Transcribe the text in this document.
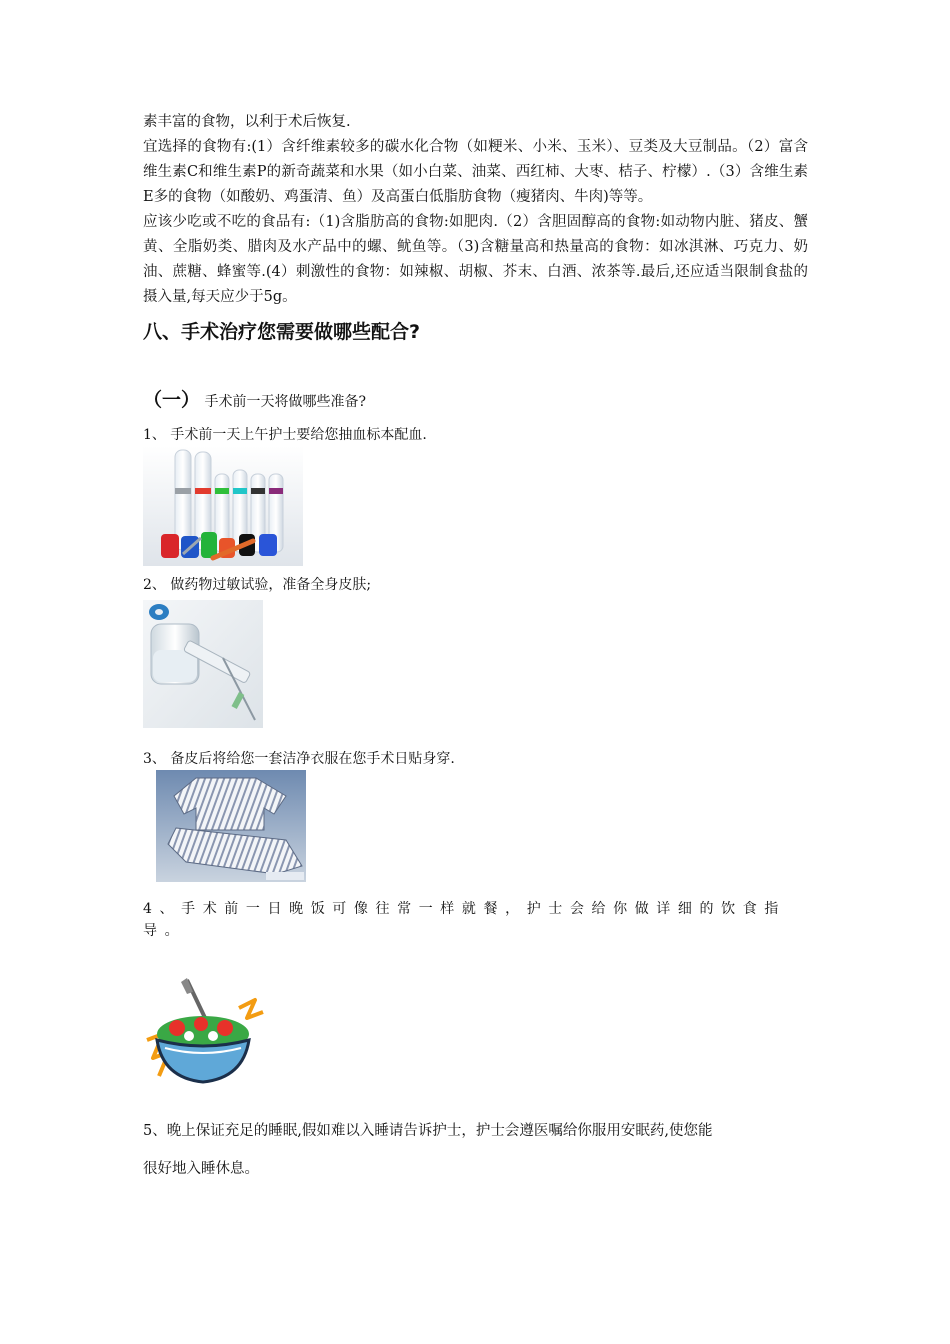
素丰富的食物，以利于术后恢复.

宜选择的食物有:(1）含纤维素较多的碳水化合物（如粳米、小米、玉米）、豆类及大豆制品。（2）富含维生素C和维生素P的新奇蔬菜和水果（如小白菜、油菜、西红柿、大枣、桔子、柠檬）.（3）含维生素E多的食物（如酸奶、鸡蛋清、鱼）及高蛋白低脂肪食物（瘦猪肉、牛肉)等等。

应该少吃或不吃的食品有:（1)含脂肪高的食物:如肥肉.（2）含胆固醇高的食物:如动物内脏、猪皮、蟹黄、全脂奶类、腊肉及水产品中的螺、鱿鱼等。（3)含糖量高和热量高的食物：如冰淇淋、巧克力、奶油、蔗糖、蜂蜜等.(4）刺激性的食物：如辣椒、胡椒、芥末、白酒、浓茶等.最后,还应适当限制食盐的摄入量,每天应少于5g。

八、手术治疗您需要做哪些配合?

（一） 手术前一天将做哪些准备?

1、 手术前一天上午护士要给您抽血标本配血.

2、 做药物过敏试验，准备全身皮肤;

3、 备皮后将给您一套洁净衣服在您手术日贴身穿.

4、手术前一日晚饭可像往常一样就餐，护士会给你做详细的饮食指导。

5、晚上保证充足的睡眠,假如难以入睡请告诉护士，护士会遵医嘱给你服用安眠药,使您能

很好地入睡休息。
